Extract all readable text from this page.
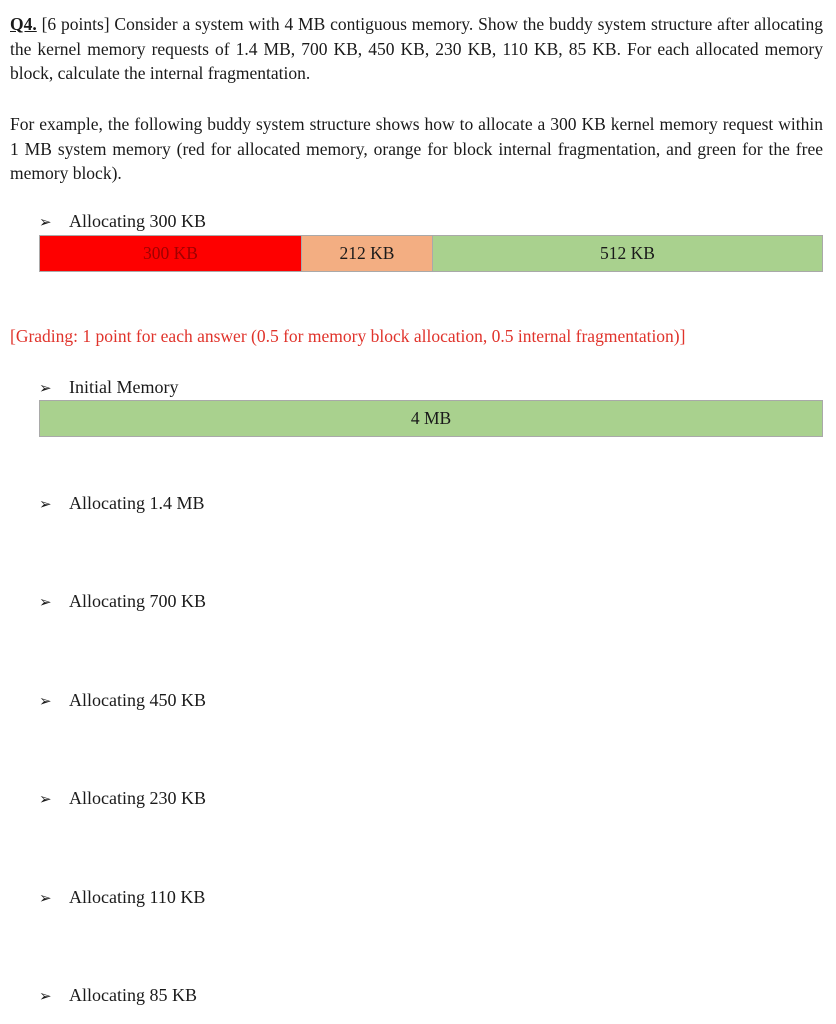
Q4. [6 points] Consider a system with 4 MB contiguous memory. Show the buddy system structure after allocating the kernel memory requests of 1.4 MB, 700 KB, 450 KB, 230 KB, 110 KB, 85 KB. For each allocated memory block, calculate the internal fragmentation.

For example, the following buddy system structure shows how to allocate a 300 KB kernel memory request within 1 MB system memory (red for allocated memory, orange for block internal fragmentation, and green for the free memory block).

➢ Allocating 300 KB
300 KB	212 KB	512 KB

[Grading: 1 point for each answer (0.5 for memory block allocation, 0.5 internal fragmentation)]

➢ Initial Memory
4 MB
➢ Allocating 1.4 MB
➢ Allocating 700 KB
➢ Allocating 450 KB
➢ Allocating 230 KB
➢ Allocating 110 KB
➢ Allocating 85 KB
